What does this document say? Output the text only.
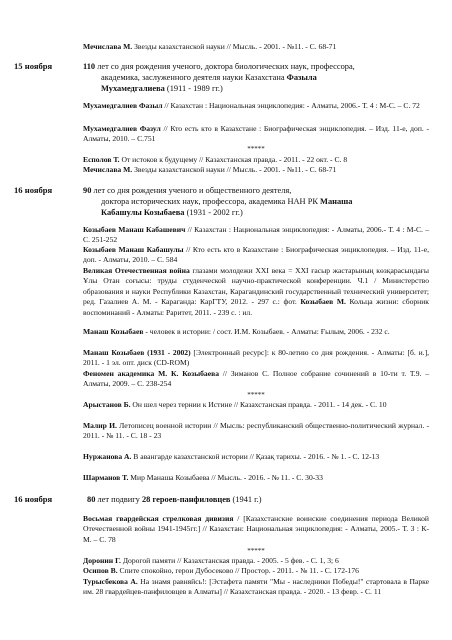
Мечислава М. Звезды казахстанской науки // Мысль. - 2001. - №11. - С. 68-71

15 ноября	110 лет со дня рождения ученого, доктора биологических наук, профессора,
академика, заслуженного деятеля науки Казахстана Фазыла
Мухамедгалиева (1911 - 1989 гг.)

Мухамедгалиев Фазыл // Казахстан : Национальная энциклопедия: - Алматы, 2006.- Т. 4 : М-С. – С. 72

Мухамедгалиев Фазул // Кто есть кто в Казахстане : Биографическая энциклопедия. – Изд. 11-е, доп. - Алматы, 2010. – С.751

*****

Есполов Т. От истоков к будущему // Казахстанская правда. - 2011. - 22 окт. - С. 8

Мечислава М. Звезды казахстанской науки // Мысль. - 2001. - №11. - С. 68-71

16 ноября	90 лет со дня рождения ученого и общественного деятеля,
доктора исторических наук, профессора, академика НАН РК Манаша
Кабашулы Козыбаева (1931 - 2002 гг.)

Козыбаев Манаш Кабашевич // Казахстан : Национальная энциклопедия: - Алматы, 2006.- Т. 4 : М-С. – С. 251-252

Козыбаев Манаш Кабашулы // Кто есть кто в Казахстане : Биографическая энциклопедия. – Изд. 11-е, доп. - Алматы, 2010. – С. 584

Великая Отечественная война глазами молодежи XXI века = XXI ғасыр жастарының көзқарасындағы Ұлы Отан соғысы: труды студенческой научно-практической конференции. Ч.1 / Министерство образования и науки Республики Казахстан, Карагандинский государственный технический университет; ред. Газалиев А. М. - Караганда: КарГТУ, 2012. - 297 с.: фот. Козыбаев М. Кольца жизни: сборник воспоминаний - Алматы: Раритет, 2011. - 239 с. : ил.

Манаш Козыбаев - человек в истории: / сост. И.М. Козыбаев. - Алматы: Ғылым, 2006. - 232 с.

Манаш Козыбаев (1931 - 2002) [Электронный ресурс]: к 80-летию со дня рождения. - Алматы: [б. и.], 2011. - 1 эл. опт. диск (CD-ROM)

Феномен академика М. К. Козыбаева // Зиманов С. Полное собрание сочинений в 10-ти т. Т.9. – Алматы, 2009. – С. 238-254

*****

Арыстанов Б. Он шел через тернии к Истине // Казахстанская правда. - 2011. - 14 дек. - С. 10

Малир И. Летописец военной истории // Мысль: республиканский общественно-политический журнал. - 2011. - № 11. - С. 18 - 23

Нуржанова А. В авангарде казахстанской истории // Қазақ тарихы. - 2016. - № 1. - С. 12-13

Шарманов Т. Мир Манаша Козыбаева // Мысль. - 2016. - № 11. - С. 30-33

16 ноября	80 лет подвигу 28 героев-панфиловцев (1941 г.)

Восьмая гвардейская стрелковая дивизия / [Казахстанские воинские соединения периода Великой Отечественной войны 1941-1945гг.] // Казахстан: Национальная энциклопедия: - Алматы, 2005.- Т. 3 : К-М. – С. 78

*****

Доронин Г. Дорогой памяти // Казахстанская правда. - 2005. - 5 фев. - С. 1, 3; 6

Осипов В. Спите спокойно, герои Дубосеково // Простор. - 2011. - № 11. - С. 172-176

Турысбекова А. На знамя равняйсь!: [Эстафета памяти "Мы - наследники Победы!" стартовала в Парке им. 28 гвардейцев-панфиловцев в Алматы] // Казахстанская правда. - 2020. - 13 февр. - С. 11
